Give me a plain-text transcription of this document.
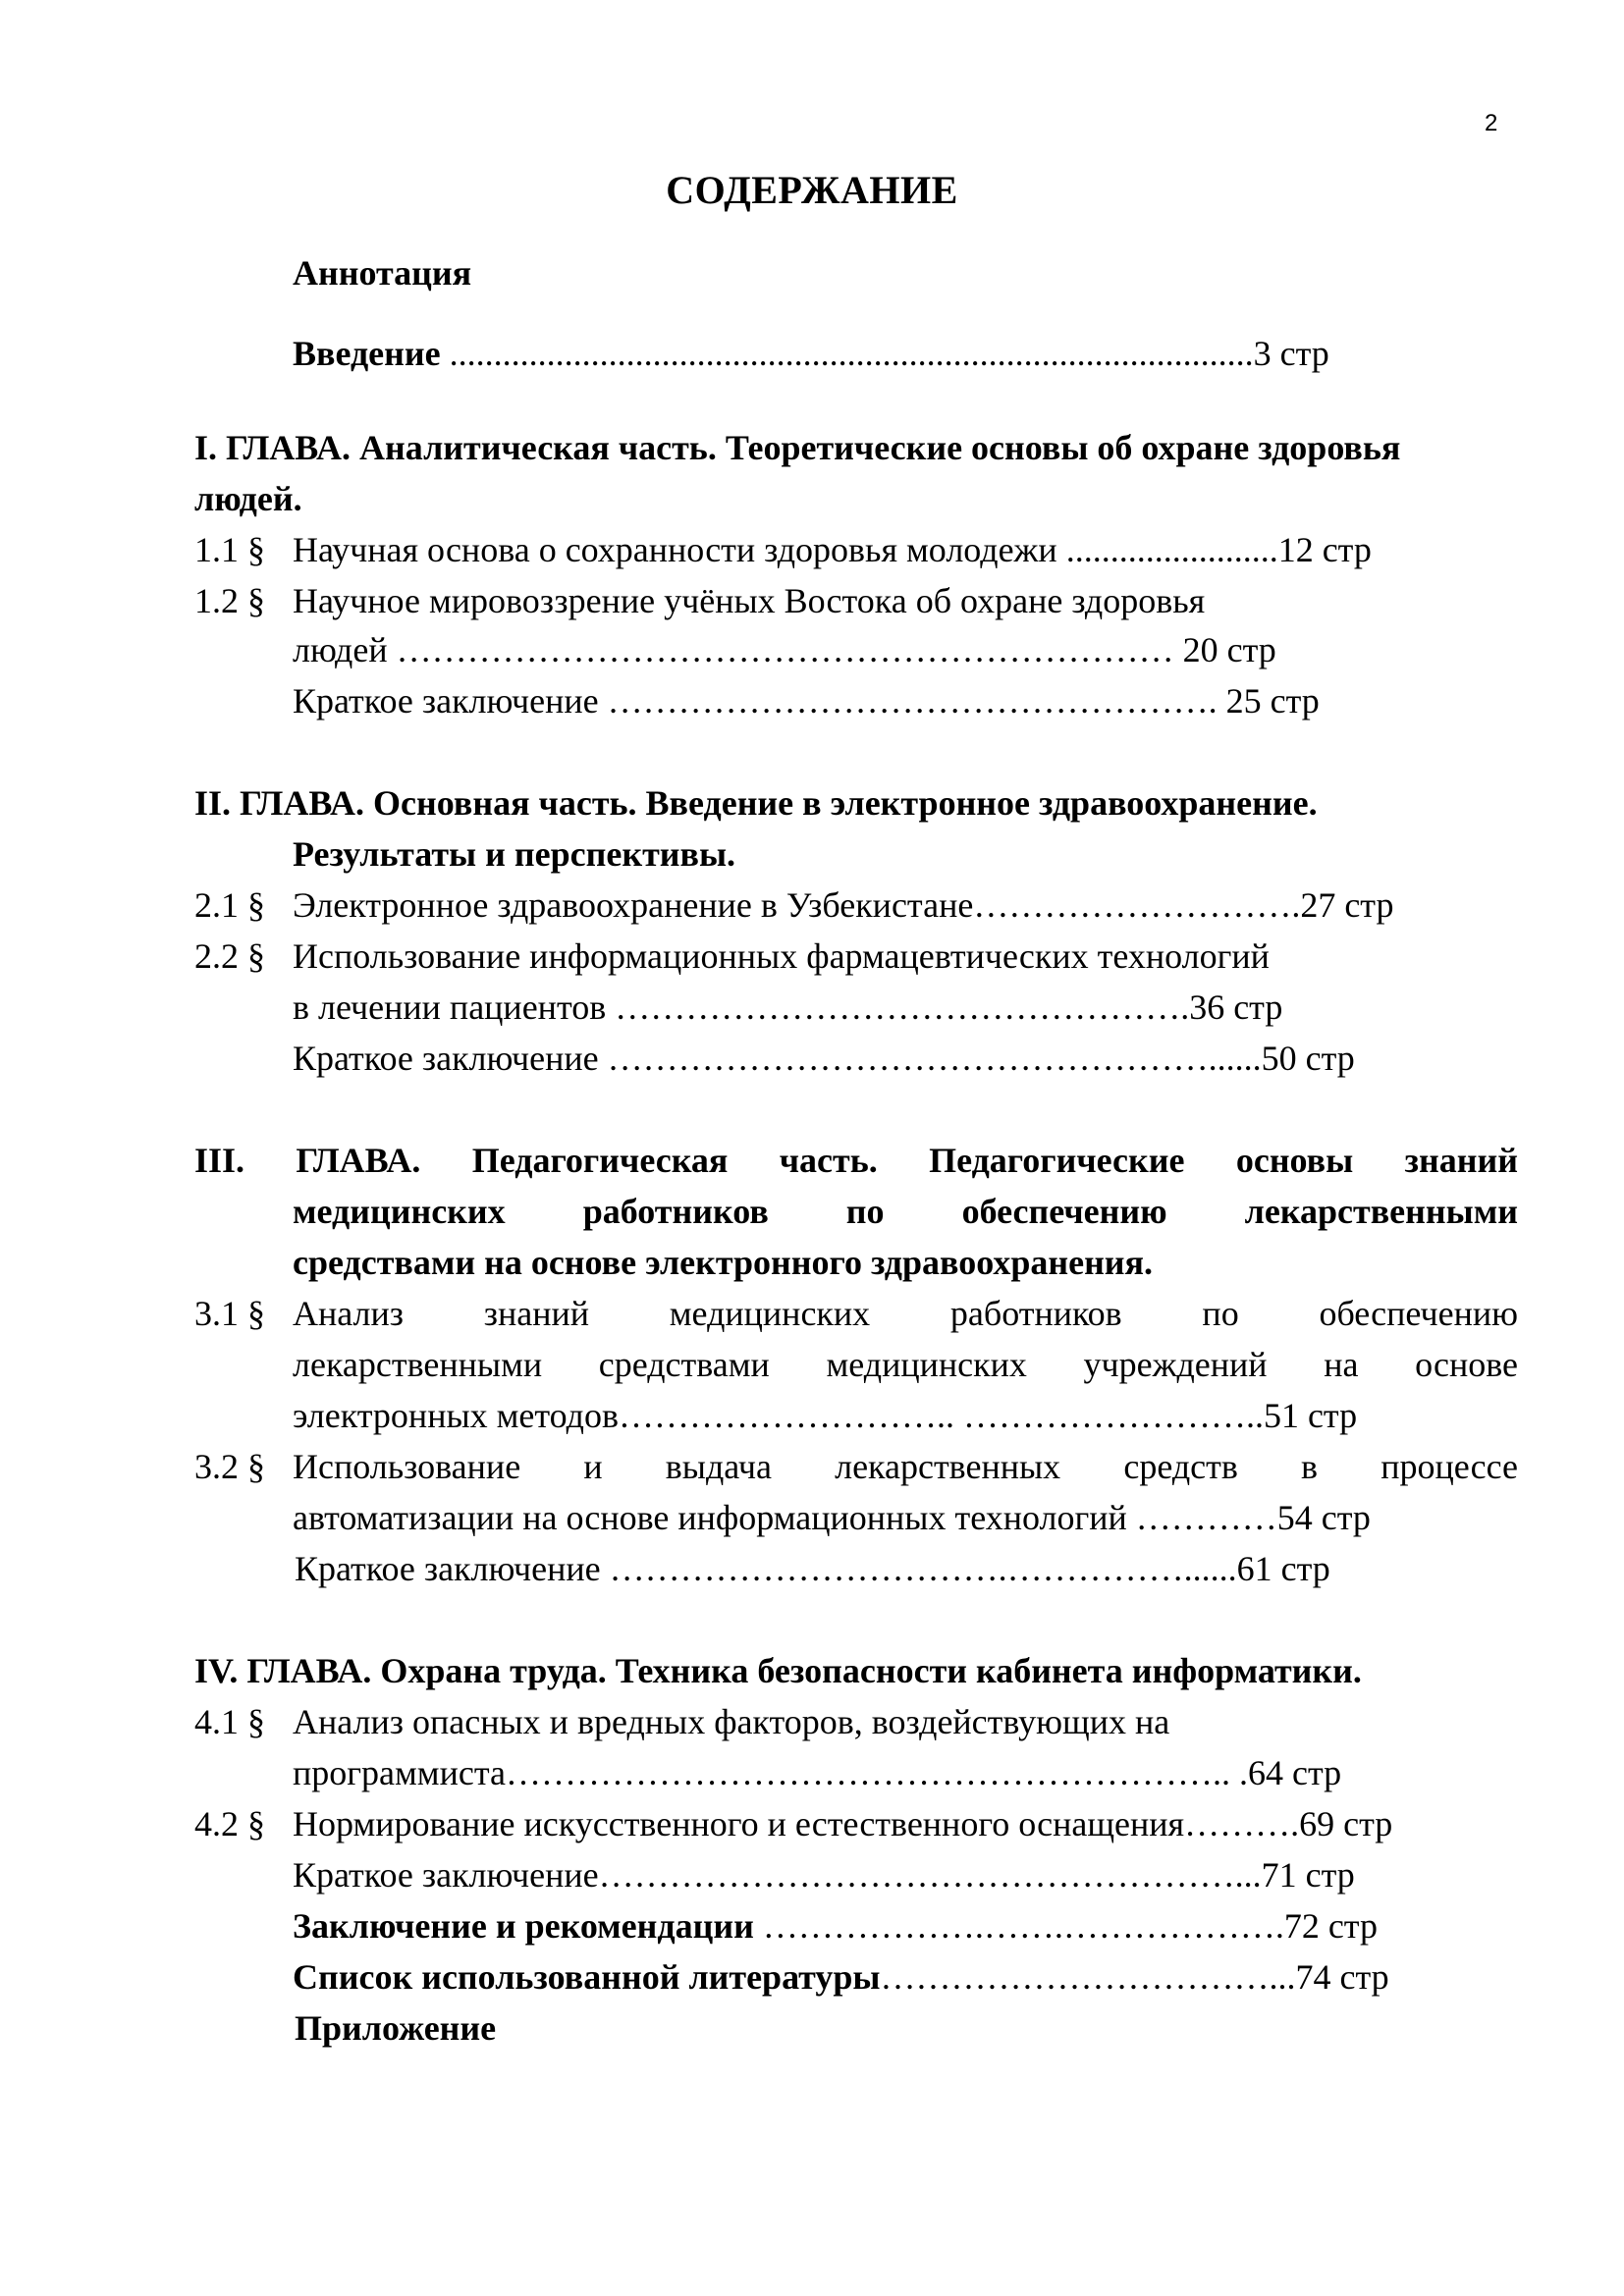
2
СОДЕРЖАНИЕ
Аннотация
Введение ...........................................................................................3 стр
I. ГЛАВА. Аналитическая часть. Теоретические основы об охране здоровья
людей.
1.1 § Научная основа о сохранности здоровья молодежи ........................12 стр
1.2 § Научное мировоззрение учёных Востока об охране здоровья
людей ………………………………………………………… 20 стр
Краткое заключение ……………………………………………. 25 стр
II. ГЛАВА. Основная часть. Введение в электронное здравоохранение.
Результаты и перспективы.
2.1 § Электронное здравоохранение в Узбекистане……………………….27 стр
2.2 § Использование информационных фармацевтических технологий
в лечении пациентов ………………………………………….36 стр
Краткое заключение ……………………………………………......50 стр
III. ГЛАВА. Педагогическая часть. Педагогические основы знаний
медицинских работников по обеспечению лекарственными
средствами на основе электронного здравоохранения.
3.1 § Анализ знаний медицинских работников по обеспечению
лекарственными средствами медицинских учреждений на основе
электронных методов……………………….. ……………………..51 стр
3.2 § Использование и выдача лекарственных средств в процессе
автоматизации на основе информационных технологий …………54 стр
Краткое заключение …………………………….……………......61 стр
IV. ГЛАВА. Охрана труда. Техника безопасности кабинета информатики.
4.1 § Анализ опасных и вредных факторов, воздействующих на
программиста…………………………………………………….. .64 стр
4.2 § Нормирование искусственного и естественного оснащения……….69 стр
Краткое заключение………………………………………………...71 стр
Заключение и рекомендации ……………….…….……………….72 стр
Список использованной литературы……………………………...74 стр
Приложение
